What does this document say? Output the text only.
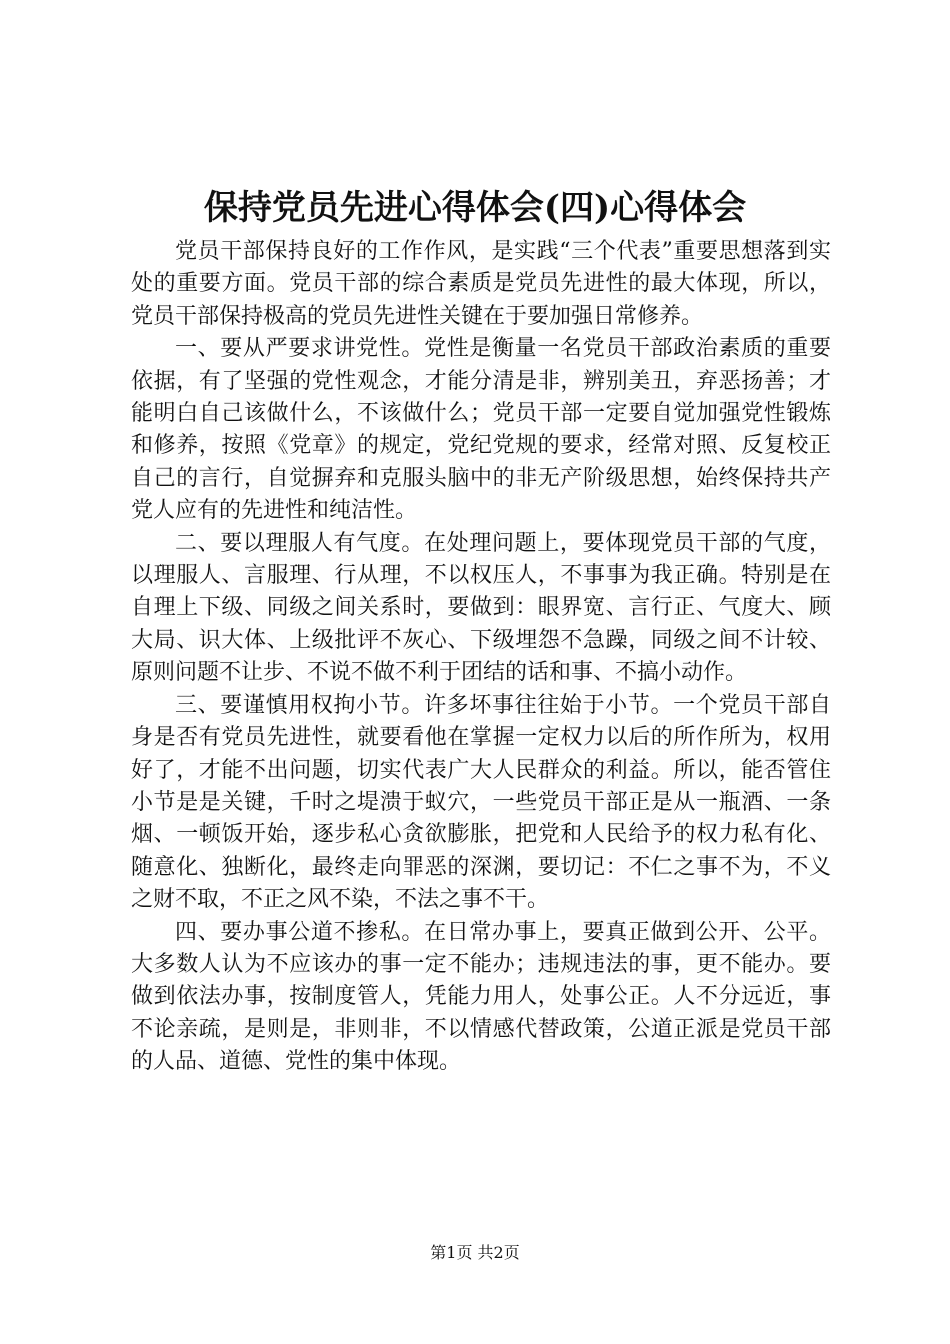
保持党员先进心得体会(四)心得体会

党员干部保持良好的工作作风，是实践“三个代表”重要思想落到实处的重要方面。党员干部的综合素质是党员先进性的最大体现，所以，党员干部保持极高的党员先进性关键在于要加强日常修养。

一、要从严要求讲党性。党性是衡量一名党员干部政治素质的重要依据，有了坚强的党性观念，才能分清是非，辨别美丑，弃恶扬善；才能明白自己该做什么，不该做什么；党员干部一定要自觉加强党性锻炼和修养，按照《党章》的规定，党纪党规的要求，经常对照、反复校正自己的言行，自觉摒弃和克服头脑中的非无产阶级思想，始终保持共产党人应有的先进性和纯洁性。

二、要以理服人有气度。在处理问题上，要体现党员干部的气度，以理服人、言服理、行从理，不以权压人，不事事为我正确。特别是在自理上下级、同级之间关系时，要做到：眼界宽、言行正、气度大、顾大局、识大体、上级批评不灰心、下级埋怨不急躁，同级之间不计较、原则问题不让步、不说不做不利于团结的话和事、不搞小动作。

三、要谨慎用权拘小节。许多坏事往往始于小节。一个党员干部自身是否有党员先进性，就要看他在掌握一定权力以后的所作所为，权用好了，才能不出问题，切实代表广大人民群众的利益。所以，能否管住小节是是关键，千时之堤溃于蚁穴，一些党员干部正是从一瓶酒、一条烟、一顿饭开始，逐步私心贪欲膨胀，把党和人民给予的权力私有化、随意化、独断化，最终走向罪恶的深渊，要切记：不仁之事不为，不义之财不取，不正之风不染，不法之事不干。

四、要办事公道不掺私。在日常办事上，要真正做到公开、公平。大多数人认为不应该办的事一定不能办；违规违法的事，更不能办。要做到依法办事，按制度管人，凭能力用人，处事公正。人不分远近，事不论亲疏，是则是，非则非，不以情感代替政策，公道正派是党员干部的人品、道德、党性的集中体现。

第1页 共2页
